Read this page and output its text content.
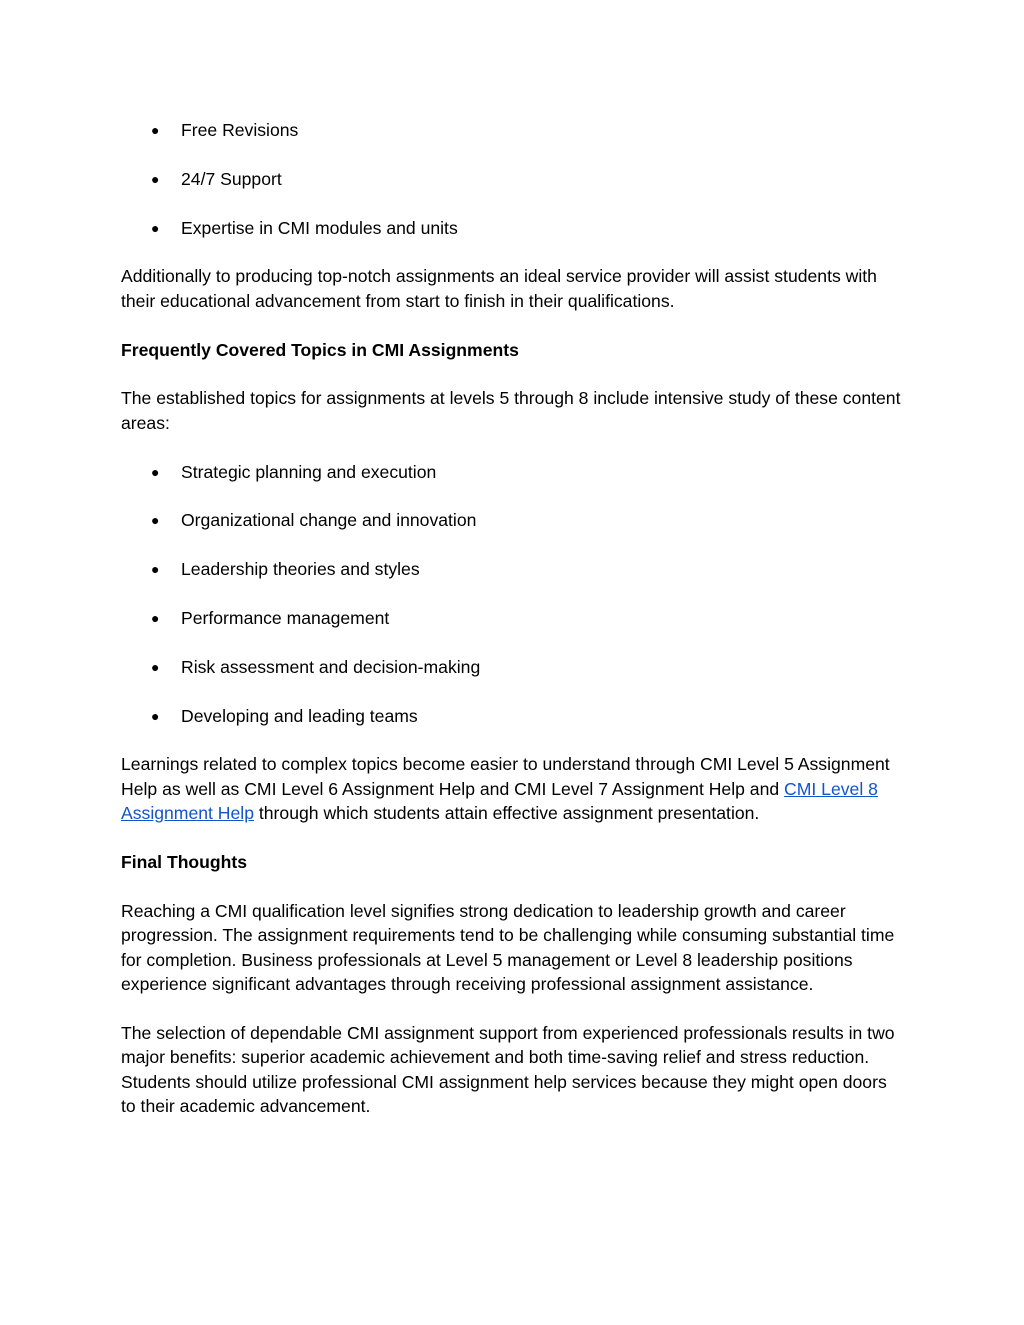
● Free Revisions
● 24/7 Support
● Expertise in CMI modules and units

Additionally to producing top-notch assignments an ideal service provider will assist students with their educational advancement from start to finish in their qualifications.

Frequently Covered Topics in CMI Assignments

The established topics for assignments at levels 5 through 8 include intensive study of these content areas:

● Strategic planning and execution
● Organizational change and innovation
● Leadership theories and styles
● Performance management
● Risk assessment and decision-making
● Developing and leading teams

Learnings related to complex topics become easier to understand through CMI Level 5 Assignment Help as well as CMI Level 6 Assignment Help and CMI Level 7 Assignment Help and CMI Level 8 Assignment Help through which students attain effective assignment presentation.

Final Thoughts

Reaching a CMI qualification level signifies strong dedication to leadership growth and career progression. The assignment requirements tend to be challenging while consuming substantial time for completion. Business professionals at Level 5 management or Level 8 leadership positions experience significant advantages through receiving professional assignment assistance.

The selection of dependable CMI assignment support from experienced professionals results in two major benefits: superior academic achievement and both time-saving relief and stress reduction. Students should utilize professional CMI assignment help services because they might open doors to their academic advancement.
